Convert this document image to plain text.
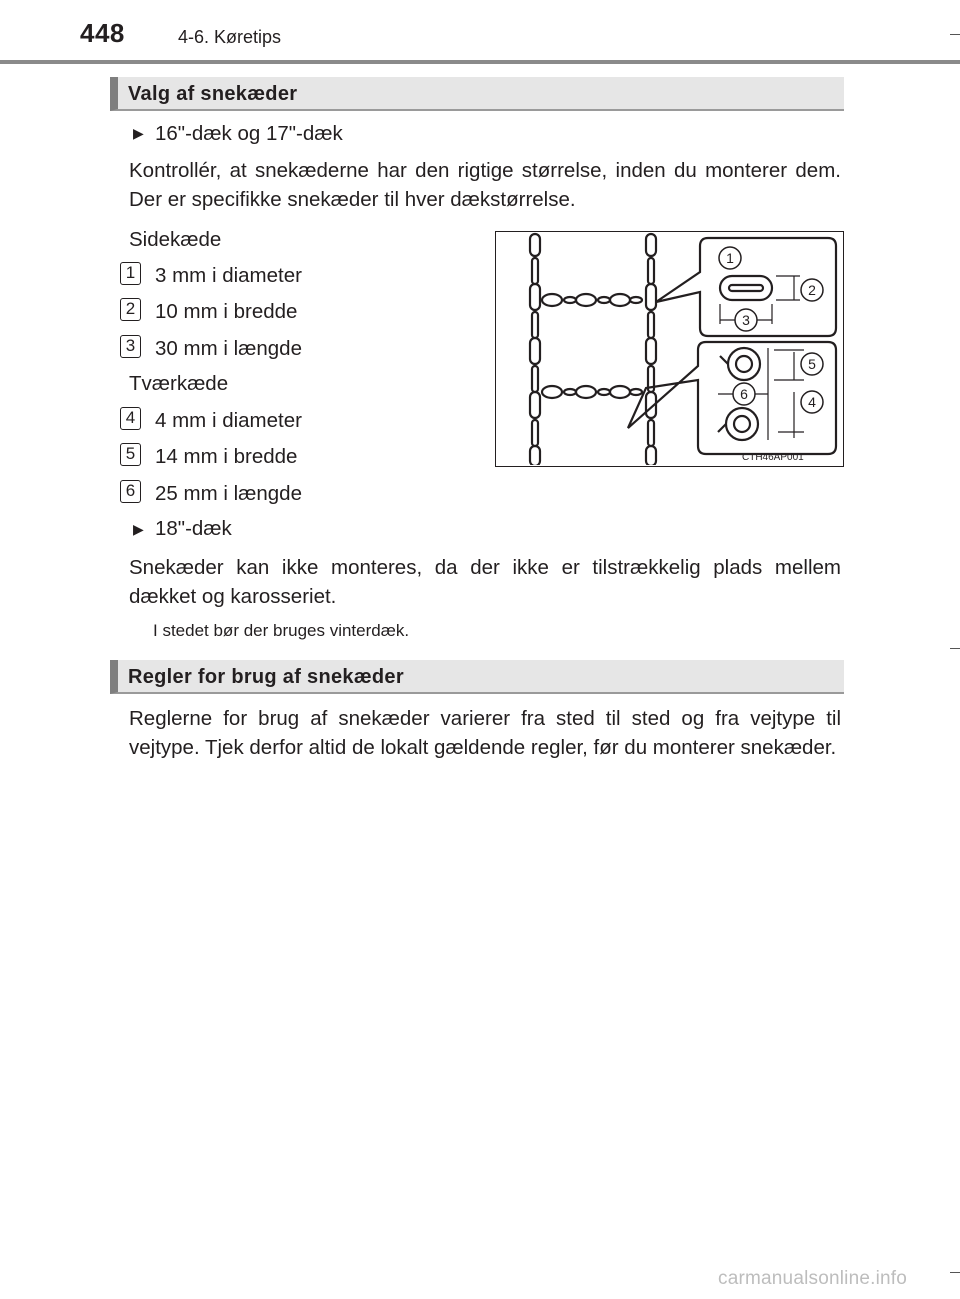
448	4-6. Køretips
Valg af snekæder
▶ 16"-dæk og 17"-dæk
Kontrollér, at snekæderne har den rigtige størrelse, inden du monterer dem. Der er specifikke snekæder til hver dækstørrelse.
Sidekæde
1 3 mm i diameter
2 10 mm i bredde
3 30 mm i længde
Tværkæde
4 4 mm i diameter
5 14 mm i bredde
6 25 mm i længde
▶ 18"-dæk
Snekæder kan ikke monteres, da der ikke er tilstrækkelig plads mellem dækket og karosseriet.
I stedet bør der bruges vinterdæk.
1
2
3
4
5
6
CTH46AP001
Regler for brug af snekæder
Reglerne for brug af snekæder varierer fra sted til sted og fra vejtype til vejtype. Tjek derfor altid de lokalt gældende regler, før du monterer snekæder.
carmanualsonline.info
